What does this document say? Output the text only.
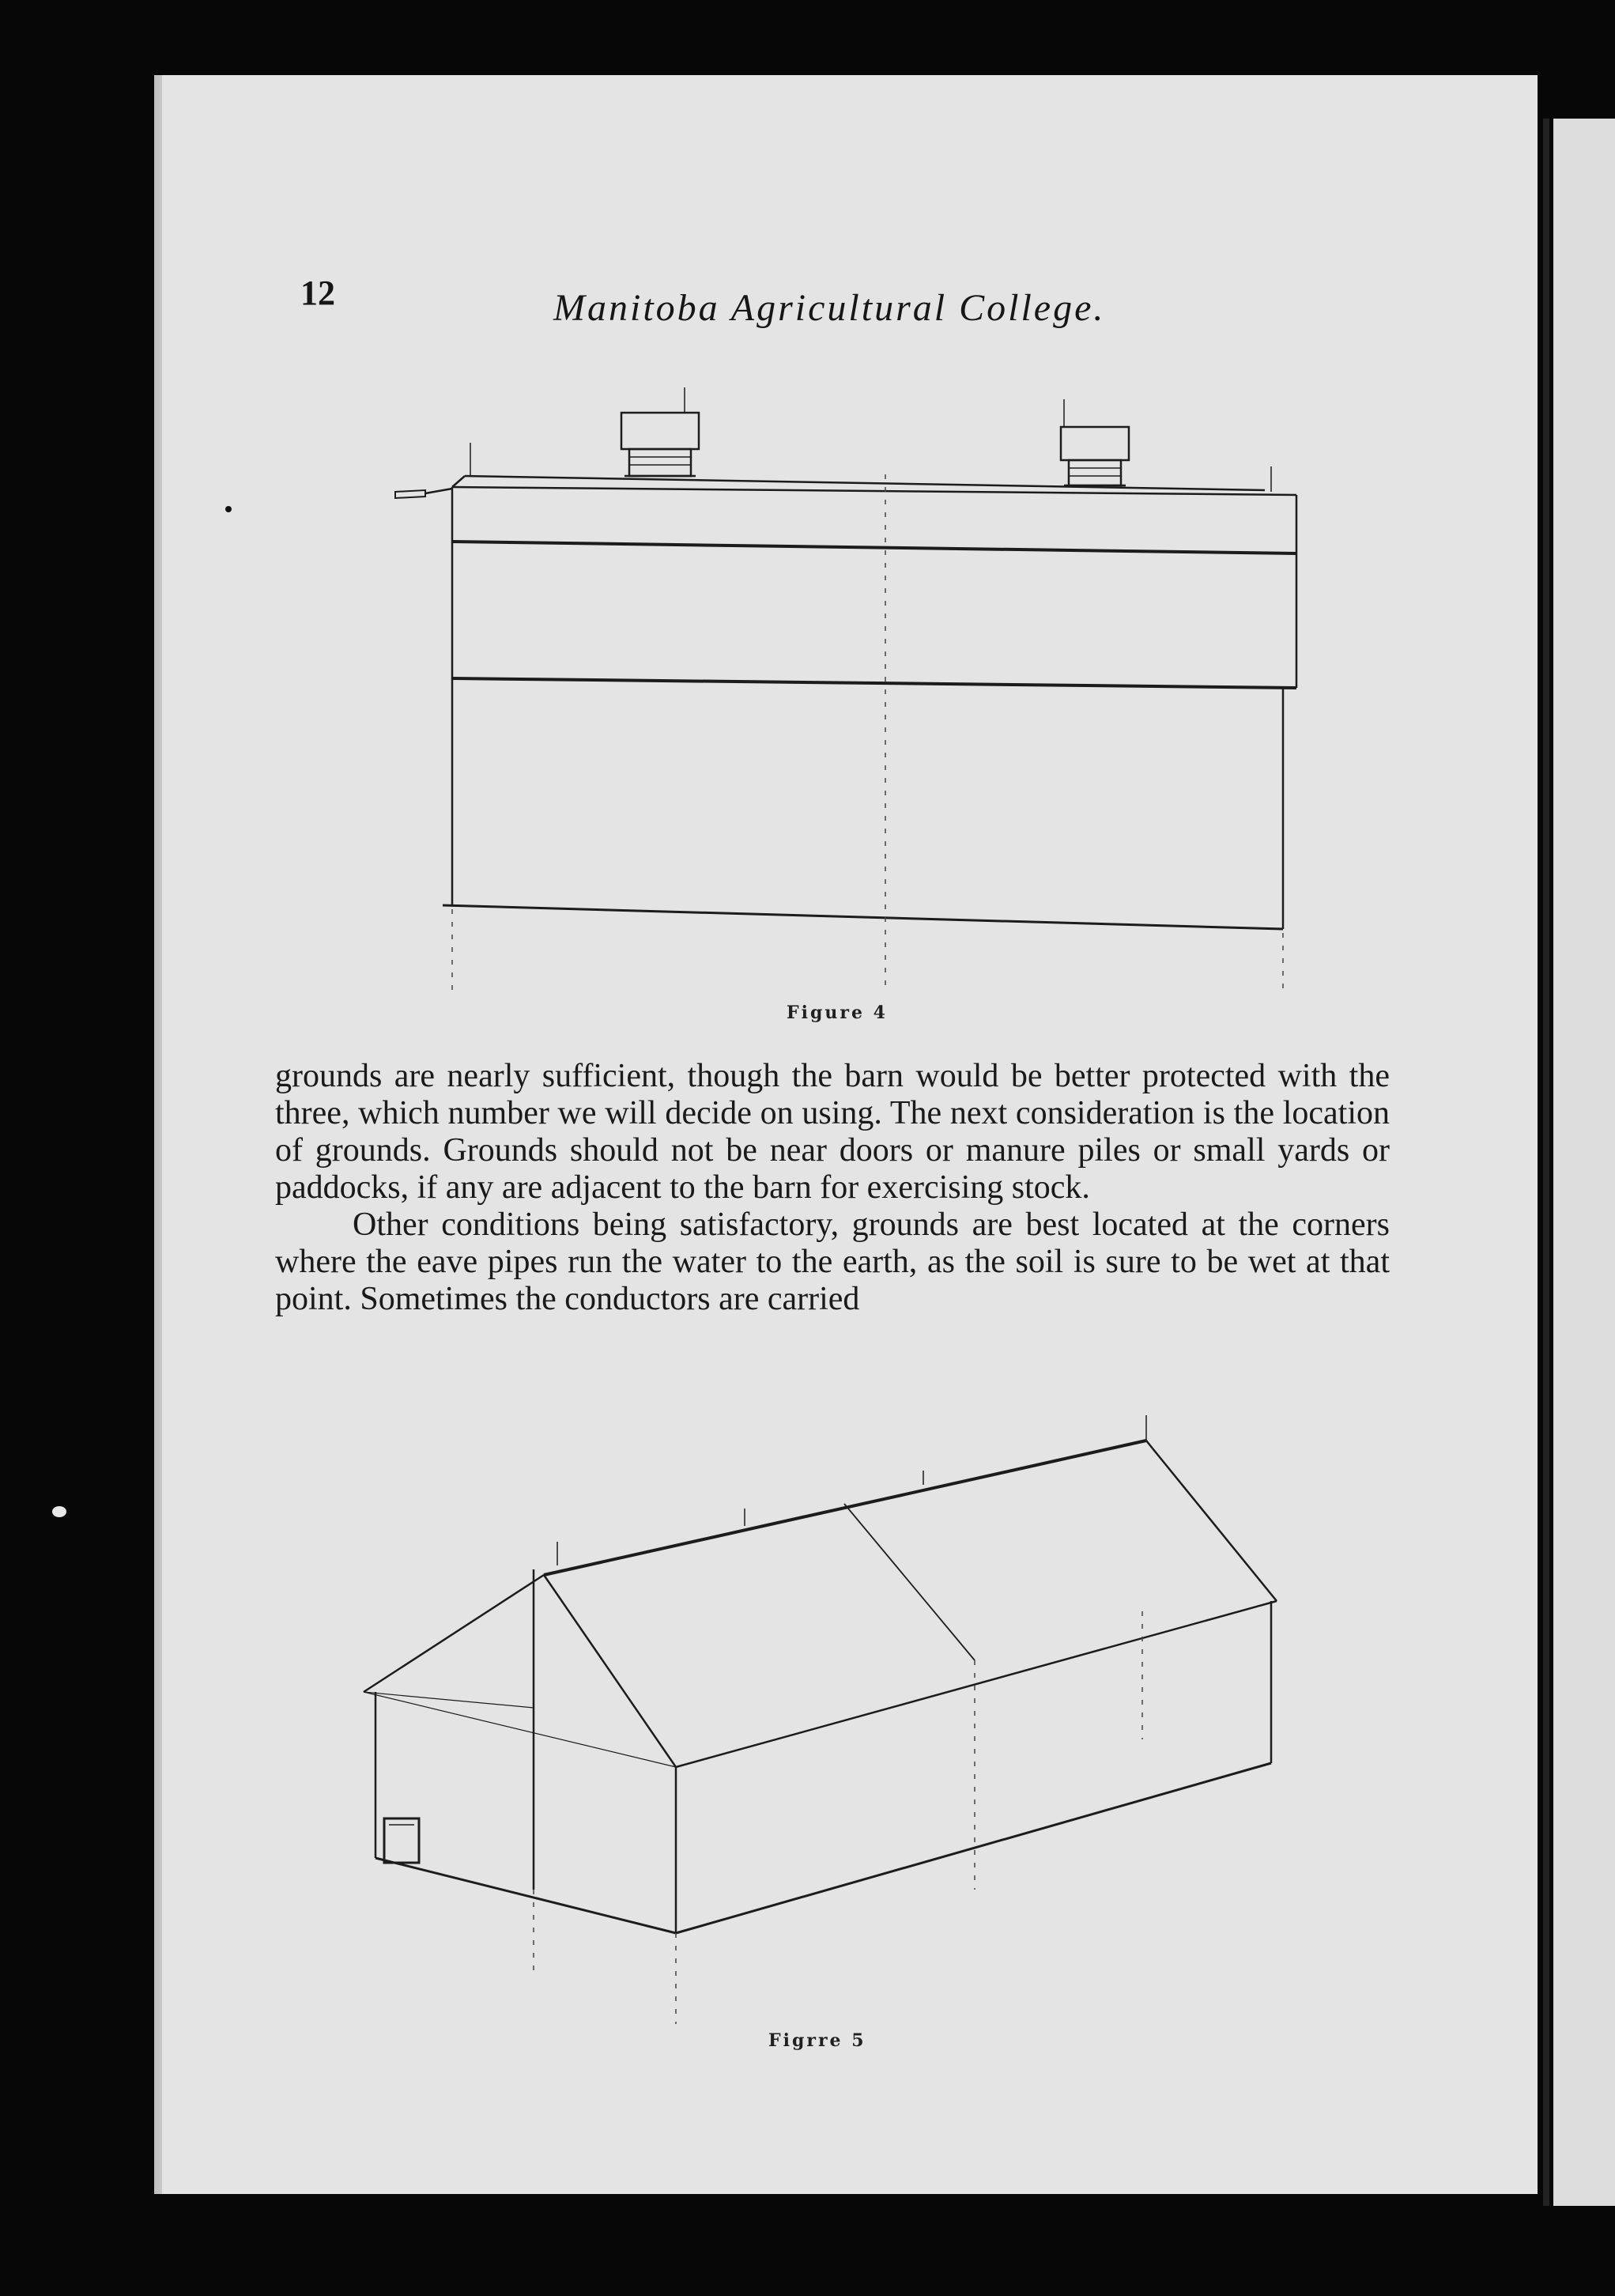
12	Manitoba Agricultural College.
Figure 4

grounds are nearly sufficient, though the barn would be better protected with the three, which number we will decide on using. The next consideration is the location of grounds. Grounds should not be near doors or manure piles or small yards or paddocks, if any are adjacent to the barn for exercising stock.

Other conditions being satisfactory, grounds are best located at the corners where the eave pipes run the water to the earth, as the soil is sure to be wet at that point. Sometimes the conductors are carried

Figrre 5
